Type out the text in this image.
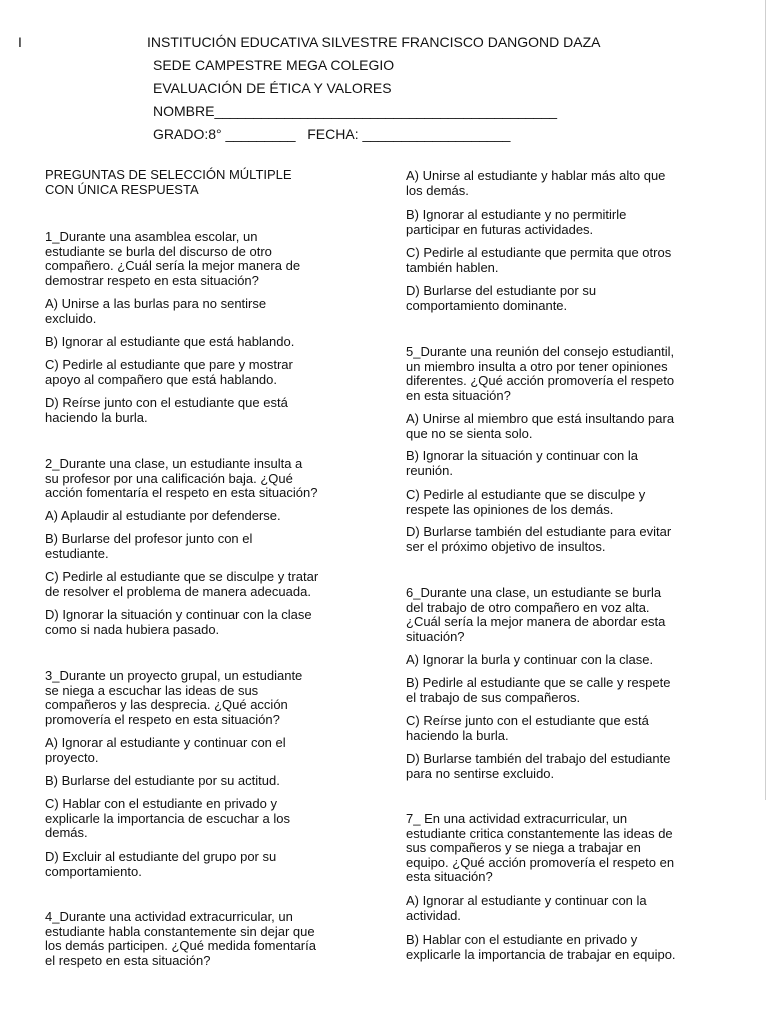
I	INSTITUCIÓN EDUCATIVA SILVESTRE FRANCISCO DANGOND DAZA
SEDE CAMPESTRE MEGA COLEGIO
EVALUACIÓN DE ÉTICA Y VALORES
NOMBRE____________________________________________
GRADO:8° _________   FECHA: ___________________
PREGUNTAS DE SELECCIÓN MÚLTIPLE
CON ÚNICA RESPUESTA
1_Durante una asamblea escolar, un
estudiante se burla del discurso de otro
compañero. ¿Cuál sería la mejor manera de
demostrar respeto en esta situación?
A) Unirse a las burlas para no sentirse
excluido.
B) Ignorar al estudiante que está hablando.
C) Pedirle al estudiante que pare y mostrar
apoyo al compañero que está hablando.
D) Reírse junto con el estudiante que está
haciendo la burla.
2_Durante una clase, un estudiante insulta a
su profesor por una calificación baja. ¿Qué
acción fomentaría el respeto en esta situación?
A) Aplaudir al estudiante por defenderse.
B) Burlarse del profesor junto con el
estudiante.
C) Pedirle al estudiante que se disculpe y tratar
de resolver el problema de manera adecuada.
D) Ignorar la situación y continuar con la clase
como si nada hubiera pasado.
3_Durante un proyecto grupal, un estudiante
se niega a escuchar las ideas de sus
compañeros y las desprecia. ¿Qué acción
promovería el respeto en esta situación?
A) Ignorar al estudiante y continuar con el
proyecto.
B) Burlarse del estudiante por su actitud.
C) Hablar con el estudiante en privado y
explicarle la importancia de escuchar a los
demás.
D) Excluir al estudiante del grupo por su
comportamiento.
4_Durante una actividad extracurricular, un
estudiante habla constantemente sin dejar que
los demás participen. ¿Qué medida fomentaría
el respeto en esta situación?
A) Unirse al estudiante y hablar más alto que
los demás.
B) Ignorar al estudiante y no permitirle
participar en futuras actividades.
C) Pedirle al estudiante que permita que otros
también hablen.
D) Burlarse del estudiante por su
comportamiento dominante.
5_Durante una reunión del consejo estudiantil,
un miembro insulta a otro por tener opiniones
diferentes. ¿Qué acción promovería el respeto
en esta situación?
A) Unirse al miembro que está insultando para
que no se sienta solo.
B) Ignorar la situación y continuar con la
reunión.
C) Pedirle al estudiante que se disculpe y
respete las opiniones de los demás.
D) Burlarse también del estudiante para evitar
ser el próximo objetivo de insultos.
6_Durante una clase, un estudiante se burla
del trabajo de otro compañero en voz alta.
¿Cuál sería la mejor manera de abordar esta
situación?
A) Ignorar la burla y continuar con la clase.
B) Pedirle al estudiante que se calle y respete
el trabajo de sus compañeros.
C) Reírse junto con el estudiante que está
haciendo la burla.
D) Burlarse también del trabajo del estudiante
para no sentirse excluido.
7_ En una actividad extracurricular, un
estudiante critica constantemente las ideas de
sus compañeros y se niega a trabajar en
equipo. ¿Qué acción promovería el respeto en
esta situación?
A) Ignorar al estudiante y continuar con la
actividad.
B) Hablar con el estudiante en privado y
explicarle la importancia de trabajar en equipo.
